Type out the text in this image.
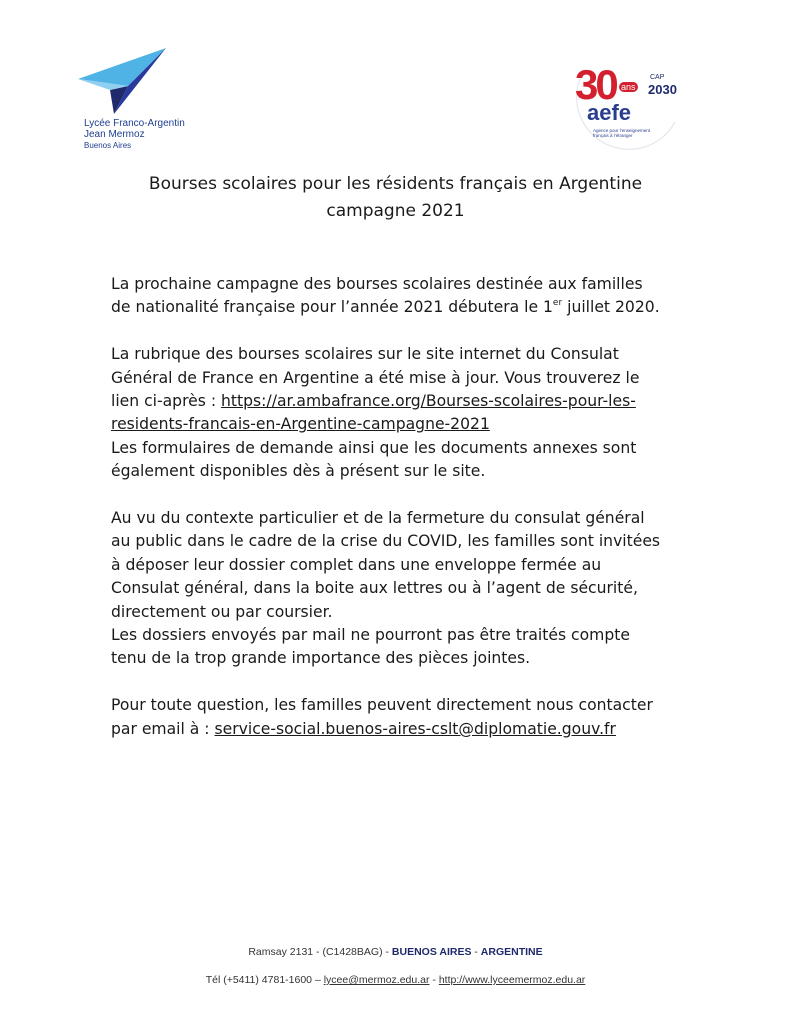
Lycée Franco-Argentin
Jean Mermoz
Buenos Aires
30 ans
CAP
2030
aefe
Agence pour l’enseignement français à l’étranger
Bourses scolaires pour les résidents français en Argentine
campagne 2021

La prochaine campagne des bourses scolaires destinée aux familles
de nationalité française pour l’année 2021 débutera le 1er juillet 2020.

La rubrique des bourses scolaires sur le site internet du Consulat
Général de France en Argentine a été mise à jour. Vous trouverez le
lien ci-après : https://ar.ambafrance.org/Bourses-scolaires-pour-les-
residents-francais-en-Argentine-campagne-2021
Les formulaires de demande ainsi que les documents annexes sont
également disponibles dès à présent sur le site.

Au vu du contexte particulier et de la fermeture du consulat général
au public dans le cadre de la crise du COVID, les familles sont invitées
à déposer leur dossier complet dans une enveloppe fermée au
Consulat général, dans la boite aux lettres ou à l’agent de sécurité,
directement ou par coursier.
Les dossiers envoyés par mail ne pourront pas être traités compte
tenu de la trop grande importance des pièces jointes.

Pour toute question, les familles peuvent directement nous contacter
par email à : service-social.buenos-aires-cslt@diplomatie.gouv.fr

Ramsay 2131 - (C1428BAG) - BUENOS AIRES - ARGENTINE
Tél (+5411) 4781-1600 – lycee@mermoz.edu.ar - http://www.lyceemermoz.edu.ar
